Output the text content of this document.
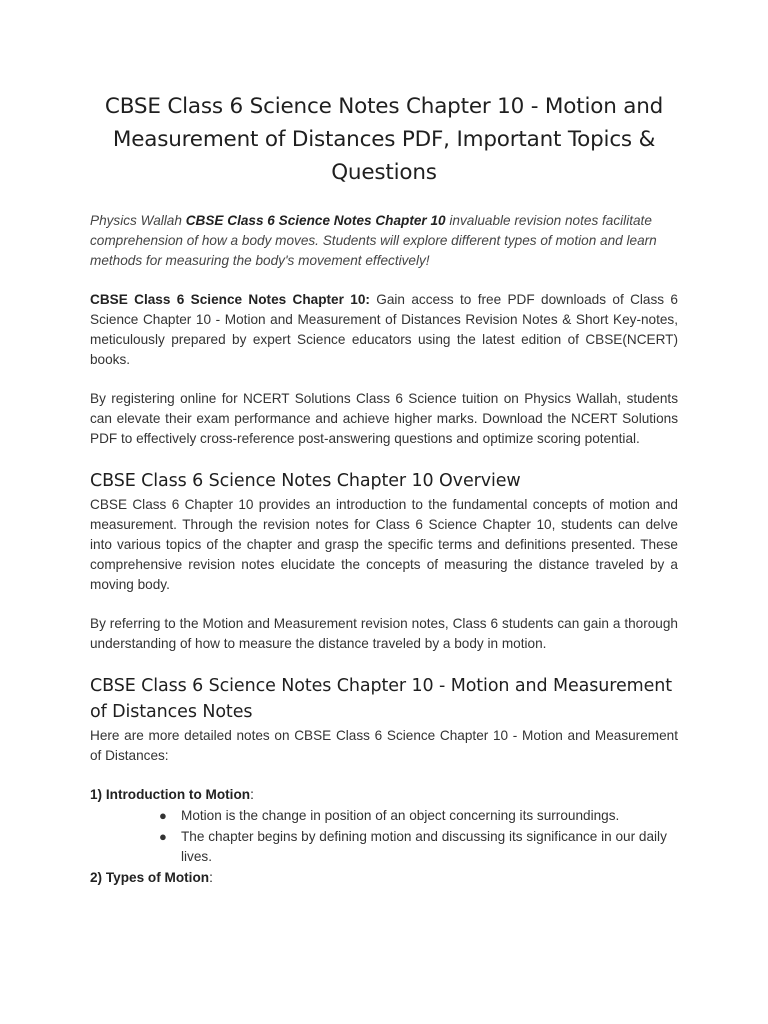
CBSE Class 6 Science Notes Chapter 10 - Motion and Measurement of Distances PDF, Important Topics & Questions

Physics Wallah CBSE Class 6 Science Notes Chapter 10 invaluable revision notes facilitate comprehension of how a body moves. Students will explore different types of motion and learn methods for measuring the body's movement effectively!

CBSE Class 6 Science Notes Chapter 10: Gain access to free PDF downloads of Class 6 Science Chapter 10 - Motion and Measurement of Distances Revision Notes & Short Key-notes, meticulously prepared by expert Science educators using the latest edition of CBSE(NCERT) books.

By registering online for NCERT Solutions Class 6 Science tuition on Physics Wallah, students can elevate their exam performance and achieve higher marks. Download the NCERT Solutions PDF to effectively cross-reference post-answering questions and optimize scoring potential.

CBSE Class 6 Science Notes Chapter 10 Overview

CBSE Class 6 Chapter 10 provides an introduction to the fundamental concepts of motion and measurement. Through the revision notes for Class 6 Science Chapter 10, students can delve into various topics of the chapter and grasp the specific terms and definitions presented. These comprehensive revision notes elucidate the concepts of measuring the distance traveled by a moving body.

By referring to the Motion and Measurement revision notes, Class 6 students can gain a thorough understanding of how to measure the distance traveled by a body in motion.

CBSE Class 6 Science Notes Chapter 10 - Motion and Measurement of Distances Notes

Here are more detailed notes on CBSE Class 6 Science Chapter 10 - Motion and Measurement of Distances:

1) Introduction to Motion:
● Motion is the change in position of an object concerning its surroundings.
● The chapter begins by defining motion and discussing its significance in our daily lives.
2) Types of Motion:
